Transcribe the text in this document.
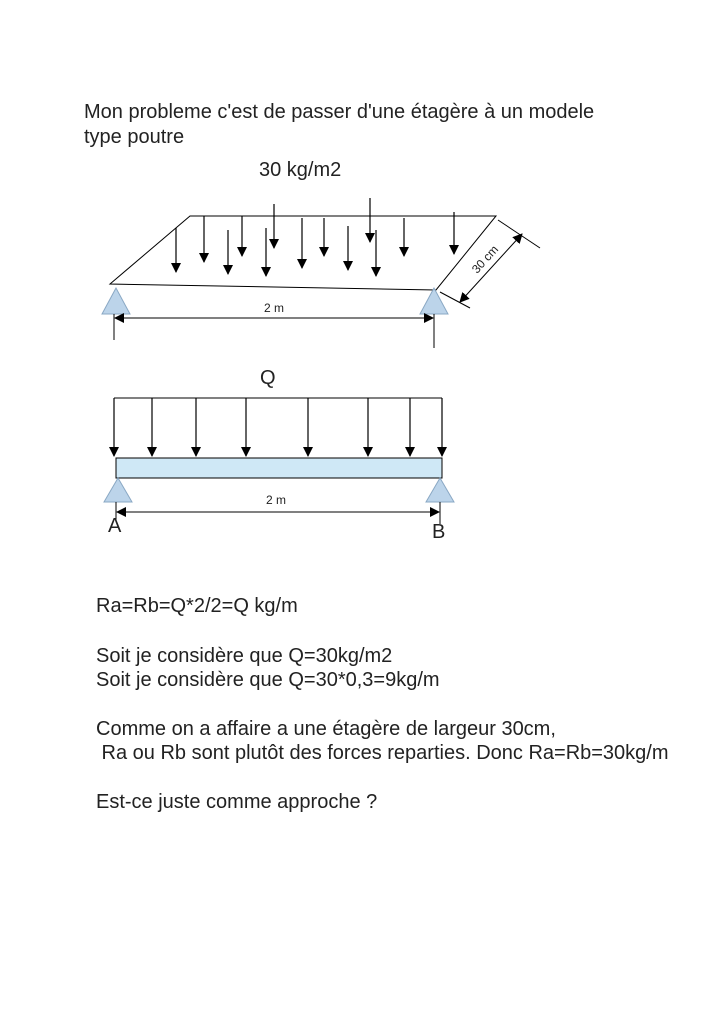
Mon probleme c'est de passer d'une étagère à un modele

type poutre

30 kg/m2
2 m
30 cm
Q
2 m
A	B

Ra=Rb=Q*2/2=Q kg/m

Soit je considère que Q=30kg/m2

Soit je considère que Q=30*0,3=9kg/m

Comme on a affaire a une étagère de largeur 30cm,

Ra ou Rb sont plutôt des forces reparties. Donc Ra=Rb=30kg/m

Est-ce juste comme approche ?
